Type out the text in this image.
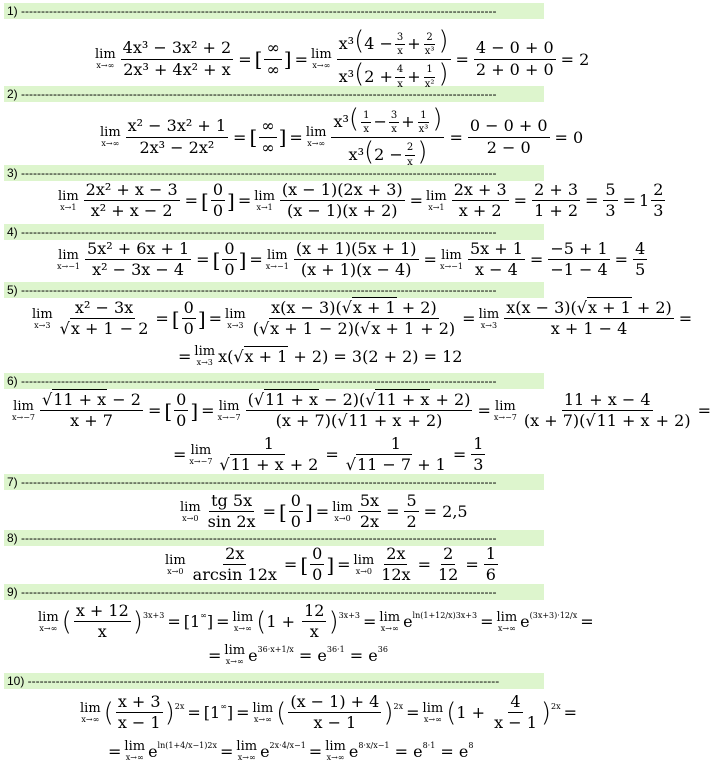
1) -----------------------------------------------------------------------------------------------------------------------
2) -----------------------------------------------------------------------------------------------------------------------
3) -----------------------------------------------------------------------------------------------------------------------
4) -----------------------------------------------------------------------------------------------------------------------
5) -----------------------------------------------------------------------------------------------------------------------
6) -----------------------------------------------------------------------------------------------------------------------
7) -----------------------------------------------------------------------------------------------------------------------
8) -----------------------------------------------------------------------------------------------------------------------
9) -----------------------------------------------------------------------------------------------------------------------
10) ----------------------------------------------------------------------------------------------------------------------
lim
$x\to\infty \frac{\text{4x³ − 3x² + 2}}{\text{2x³ + 4x² + x}}$ = [ $\frac{\infty}{\infty}$ ] = lim
$x\to\infty \frac{x^3(4 - \frac{3}{x} + \frac{2}{\text{x³}} )}{x^3(2 + \frac{4}{x} + \frac{1}{\text{x²}} )} = \frac{4 - 0 + 0}{2 + 0 + 0} = 2$
lim
$x\to\infty \frac{\text{x² − 3x² + 1}}{\text{2x³ − 2x²}}$ = [ $\frac{\infty}{\infty}$ ] = lim
$x\to\infty \frac{x^3( \frac{1}{x} - \frac{3}{x} + \frac{1}{\text{x³}} )}{x^3(2 - \frac{2}{x} )} = \frac{0 - 0 + 0}{2 - 0} = 0$
lim
$x\to 1 \frac{\text{2x² + x − 3}}{\text{x² + x − 2}}$ = [ $\frac{0}{0}$ ] = lim
$x\to 1 \frac{(x - 1)(2x + 3)}{(x - 1)(x + 2)} = \lim$
$x\to 1 \frac{2x + 3}{x + 2} = \frac{2 + 3}{1 + 2} = \frac{5}{3} = 1 \frac{2}{3}$
lim
$x\to-1 \frac{\text{5x² + 6x + 1}}{\text{x² − 3x − 4}}$ = [ $\frac{0}{0}$ ] = lim
$x\to-1 \frac{(x + 1)(5x + 1)}{(x + 1)(x - 4)} = \lim$
$x\to-1 \frac{5x + 1}{x - 4} = \frac{-5 + 1}{-1 - 4} = \frac{4}{5}$
lim
$x\to 3 \frac{\text{x² − 3x}}{√x + 1 - 2}$ = [ $\frac{0}{0}$ ] = lim
$x\to 3 \frac{x(x - 3)(√x + 1 + 2)}{(√x + 1 - 2)(√x + 1 + 2)} = \lim$
$x\to 3 \frac{x(x - 3)(√x + 1 + 2)}{x + 1 - 4}$ =
= lim
x→3 x( √ x + 1
+ 2) = 3(2 + 2) = 12
lim
$x\to-7 \frac{√11 + x - 2}{x + 7}$ = [ $\frac{0}{0}$ ] = lim
$x\to-7 \frac{(√11 + x - 2)(√11 + x + 2)}{(x + 7)(√11 + x + 2)} = \lim$
$x\to-7 \frac{11 + x - 4}{(x + 7)(√11 + x + 2)}$ =
= lim
$x\to-7 \frac{1}{√11 + x + 2} = \frac{1}{√11 - 7 + 1} = \frac{1}{3}$
lim
$x\to 0 \frac{tg 5x}{\sin 2x}$ = [ $\frac{0}{0}$ ] = lim
$x\to 0 \frac{5x}{2x} = \frac{5}{2} = 2,5$
lim
$x\to 0 \frac{2x}{\arcsin 12x}$ = [ $\frac{0}{0}$ ] = lim
$x\to 0 \frac{2x}{12x} = \frac{2}{12} = \frac{1}{6}$
lim
x→∞ ( $\frac{x + 12}{x}$ ) 3x+3 = [1 ∞ ] = lim
x→∞ ( 1 +
$\frac{12}{x}$ ) 3x+3 = lim
x→∞ e ln(1+12/x)3x+3 = lim
x→∞ e (3x+3)·12/x =
= lim
x→∞ e 36·x+1/x
= e 36·1
= e 36
lim
x→∞ ( $\frac{x + 3}{x - 1}$ ) 2x = [1 ∞ ] = lim
x→∞ ( $\frac{(x - 1) + 4}{x - 1}$ ) 2x = lim
x→∞ ( 1 +
$\frac{4}{x - 1}$ ) 2x =
= lim
x→∞ e ln(1+4/x−1)2x = lim
x→∞ e 2x·4/x−1 = lim
x→∞ e 8·x/x−1
= e 8·1
= e 8
